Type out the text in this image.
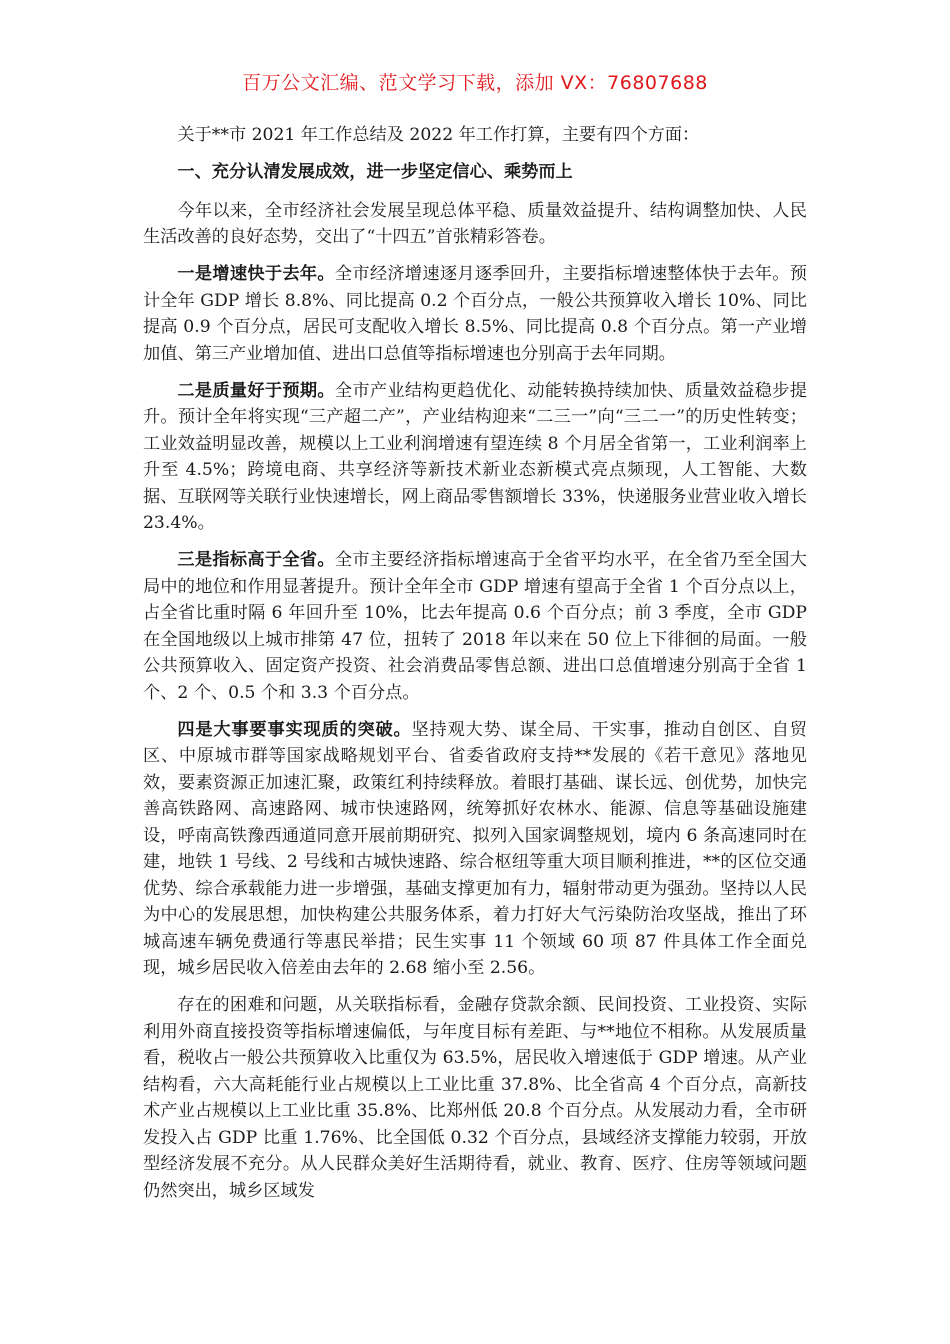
百万公文汇编、范文学习下载，添加 VX：76807688

关于**市 2021 年工作总结及 2022 年工作打算，主要有四个方面：

一、充分认清发展成效，进一步坚定信心、乘势而上

今年以来，全市经济社会发展呈现总体平稳、质量效益提升、结构调整加快、人民生活改善的良好态势，交出了“十四五”首张精彩答卷。

一是增速快于去年。全市经济增速逐月逐季回升，主要指标增速整体快于去年。预计全年 GDP 增长 8.8%、同比提高 0.2 个百分点，一般公共预算收入增长 10%、同比提高 0.9 个百分点，居民可支配收入增长 8.5%、同比提高 0.8 个百分点。第一产业增加值、第三产业增加值、进出口总值等指标增速也分别高于去年同期。

二是质量好于预期。全市产业结构更趋优化、动能转换持续加快、质量效益稳步提升。预计全年将实现“三产超二产”，产业结构迎来“二三一”向“三二一”的历史性转变；工业效益明显改善，规模以上工业利润增速有望连续 8 个月居全省第一，工业利润率上升至 4.5%；跨境电商、共享经济等新技术新业态新模式亮点频现，人工智能、大数据、互联网等关联行业快速增长，网上商品零售额增长 33%，快递服务业营业收入增长 23.4%。

三是指标高于全省。全市主要经济指标增速高于全省平均水平，在全省乃至全国大局中的地位和作用显著提升。预计全年全市 GDP 增速有望高于全省 1 个百分点以上，占全省比重时隔 6 年回升至 10%，比去年提高 0.6 个百分点；前 3 季度，全市 GDP 在全国地级以上城市排第 47 位，扭转了 2018 年以来在 50 位上下徘徊的局面。一般公共预算收入、固定资产投资、社会消费品零售总额、进出口总值增速分别高于全省 1 个、2 个、0.5 个和 3.3 个百分点。

四是大事要事实现质的突破。坚持观大势、谋全局、干实事，推动自创区、自贸区、中原城市群等国家战略规划平台、省委省政府支持**发展的《若干意见》落地见效，要素资源正加速汇聚，政策红利持续释放。着眼打基础、谋长远、创优势，加快完善高铁路网、高速路网、城市快速路网，统筹抓好农林水、能源、信息等基础设施建设，呼南高铁豫西通道同意开展前期研究、拟列入国家调整规划，境内 6 条高速同时在建，地铁 1 号线、2 号线和古城快速路、综合枢纽等重大项目顺利推进，**的区位交通优势、综合承载能力进一步增强，基础支撑更加有力，辐射带动更为强劲。坚持以人民为中心的发展思想，加快构建公共服务体系，着力打好大气污染防治攻坚战，推出了环城高速车辆免费通行等惠民举措；民生实事 11 个领域 60 项 87 件具体工作全面兑现，城乡居民收入倍差由去年的 2.68 缩小至 2.56。

存在的困难和问题，从关联指标看，金融存贷款余额、民间投资、工业投资、实际利用外商直接投资等指标增速偏低，与年度目标有差距、与**地位不相称。从发展质量看，税收占一般公共预算收入比重仅为 63.5%，居民收入增速低于 GDP 增速。从产业结构看，六大高耗能行业占规模以上工业比重 37.8%、比全省高 4 个百分点，高新技术产业占规模以上工业比重 35.8%、比郑州低 20.8 个百分点。从发展动力看，全市研发投入占 GDP 比重 1.76%、比全国低 0.32 个百分点，县域经济支撑能力较弱，开放型经济发展不充分。从人民群众美好生活期待看，就业、教育、医疗、住房等领域问题仍然突出，城乡区域发
